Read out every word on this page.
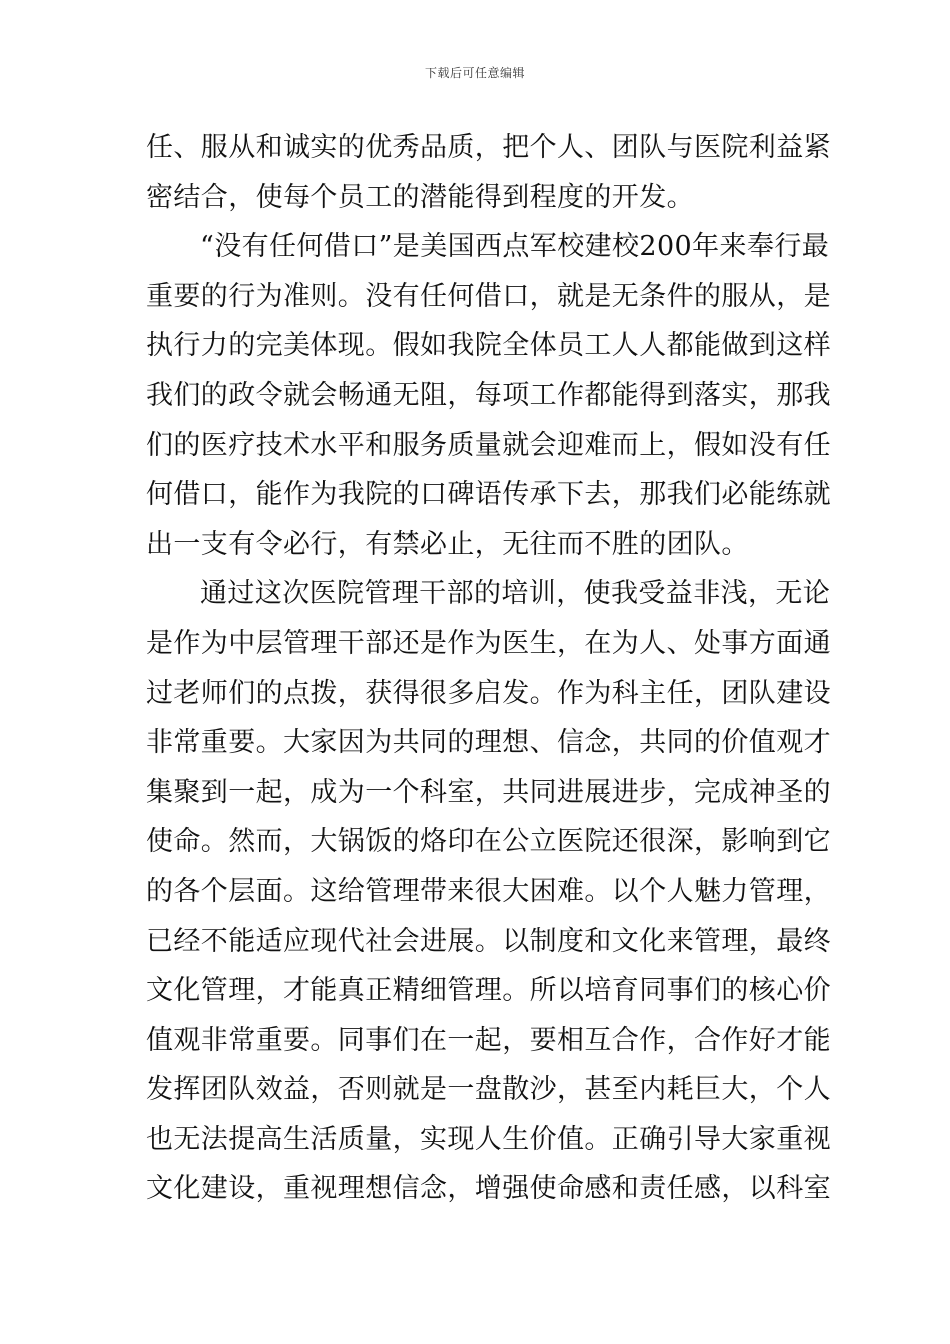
下载后可任意编辑
任、服从和诚实的优秀品质，把个人、团队与医院利益紧
密结合，使每个员工的潜能得到程度的开发。
“没有任何借口”是美国西点军校建校200年来奉行最
重要的行为准则。没有任何借口，就是无条件的服从，是
执行力的完美体现。假如我院全体员工人人都能做到这样
我们的政令就会畅通无阻，每项工作都能得到落实，那我
们的医疗技术水平和服务质量就会迎难而上，假如没有任
何借口，能作为我院的口碑语传承下去，那我们必能练就
出一支有令必行，有禁必止，无往而不胜的团队。
通过这次医院管理干部的培训，使我受益非浅，无论
是作为中层管理干部还是作为医生，在为人、处事方面通
过老师们的点拨，获得很多启发。作为科主任，团队建设
非常重要。大家因为共同的理想、信念，共同的价值观才
集聚到一起，成为一个科室，共同进展进步，完成神圣的
使命。然而，大锅饭的烙印在公立医院还很深，影响到它
的各个层面。这给管理带来很大困难。以个人魅力管理，
已经不能适应现代社会进展。以制度和文化来管理，最终
文化管理，才能真正精细管理。所以培育同事们的核心价
值观非常重要。同事们在一起，要相互合作，合作好才能
发挥团队效益，否则就是一盘散沙，甚至内耗巨大，个人
也无法提高生活质量，实现人生价值。正确引导大家重视
文化建设，重视理想信念，增强使命感和责任感，以科室
